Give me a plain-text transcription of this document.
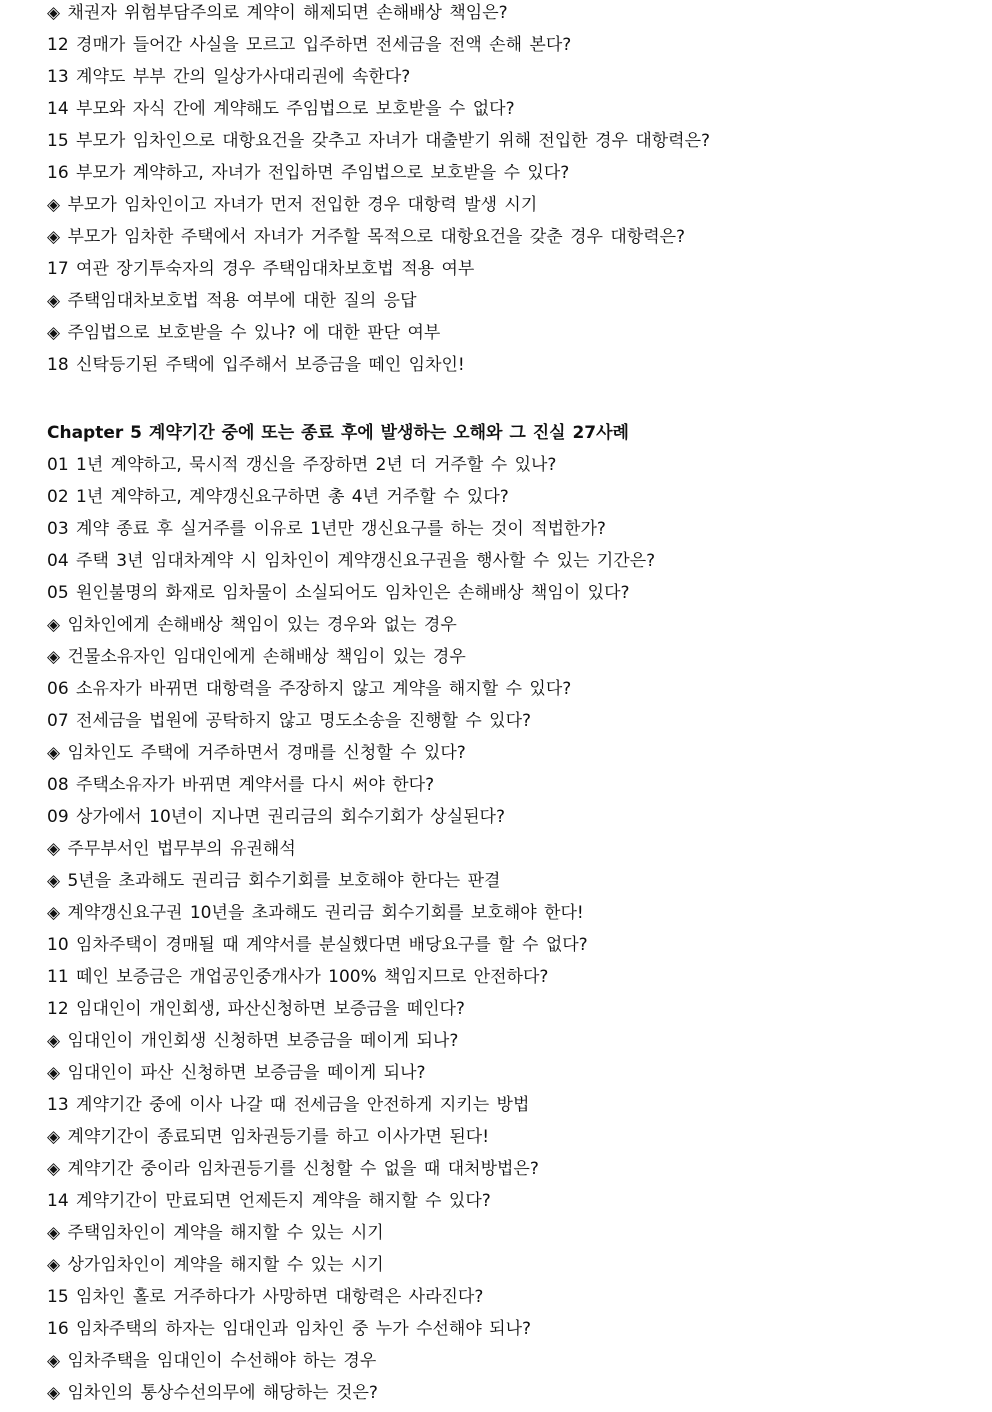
◈ 채권자 위험부담주의로 계약이 해제되면 손해배상 책임은?
12 경매가 들어간 사실을 모르고 입주하면 전세금을 전액 손해 본다?
13 계약도 부부 간의 일상가사대리권에 속한다?
14 부모와 자식 간에 계약해도 주임법으로 보호받을 수 없다?
15 부모가 임차인으로 대항요건을 갖추고 자녀가 대출받기 위해 전입한 경우 대항력은?
16 부모가 계약하고, 자녀가 전입하면 주임법으로 보호받을 수 있다?
◈ 부모가 임차인이고 자녀가 먼저 전입한 경우 대항력 발생 시기
◈ 부모가 임차한 주택에서 자녀가 거주할 목적으로 대항요건을 갖춘 경우 대항력은?
17 여관 장기투숙자의 경우 주택임대차보호법 적용 여부
◈ 주택임대차보호법 적용 여부에 대한 질의 응답
◈ 주임법으로 보호받을 수 있나? 에 대한 판단 여부
18 신탁등기된 주택에 입주해서 보증금을 떼인 임차인!
Chapter 5 계약기간 중에 또는 종료 후에 발생하는 오해와 그 진실 27사례
01 1년 계약하고, 묵시적 갱신을 주장하면 2년 더 거주할 수 있나?
02 1년 계약하고, 계약갱신요구하면 총 4년 거주할 수 있다?
03 계약 종료 후 실거주를 이유로 1년만 갱신요구를 하는 것이 적법한가?
04 주택 3년 임대차계약 시 임차인이 계약갱신요구권을 행사할 수 있는 기간은?
05 원인불명의 화재로 임차물이 소실되어도 임차인은 손해배상 책임이 있다?
◈ 임차인에게 손해배상 책임이 있는 경우와 없는 경우
◈ 건물소유자인 임대인에게 손해배상 책임이 있는 경우
06 소유자가 바뀌면 대항력을 주장하지 않고 계약을 해지할 수 있다?
07 전세금을 법원에 공탁하지 않고 명도소송을 진행할 수 있다?
◈ 임차인도 주택에 거주하면서 경매를 신청할 수 있다?
08 주택소유자가 바뀌면 계약서를 다시 써야 한다?
09 상가에서 10년이 지나면 권리금의 회수기회가 상실된다?
◈ 주무부서인 법무부의 유권해석
◈ 5년을 초과해도 권리금 회수기회를 보호해야 한다는 판결
◈ 계약갱신요구권 10년을 초과해도 권리금 회수기회를 보호해야 한다!
10 임차주택이 경매될 때 계약서를 분실했다면 배당요구를 할 수 없다?
11 떼인 보증금은 개업공인중개사가 100% 책임지므로 안전하다?
12 임대인이 개인회생, 파산신청하면 보증금을 떼인다?
◈ 임대인이 개인회생 신청하면 보증금을 떼이게 되나?
◈ 임대인이 파산 신청하면 보증금을 떼이게 되나?
13 계약기간 중에 이사 나갈 때 전세금을 안전하게 지키는 방법
◈ 계약기간이 종료되면 임차권등기를 하고 이사가면 된다!
◈ 계약기간 중이라 임차권등기를 신청할 수 없을 때 대처방법은?
14 계약기간이 만료되면 언제든지 계약을 해지할 수 있다?
◈ 주택임차인이 계약을 해지할 수 있는 시기
◈ 상가임차인이 계약을 해지할 수 있는 시기
15 임차인 홀로 거주하다가 사망하면 대항력은 사라진다?
16 임차주택의 하자는 임대인과 임차인 중 누가 수선해야 되나?
◈ 임차주택을 임대인이 수선해야 하는 경우
◈ 임차인의 통상수선의무에 해당하는 것은?
